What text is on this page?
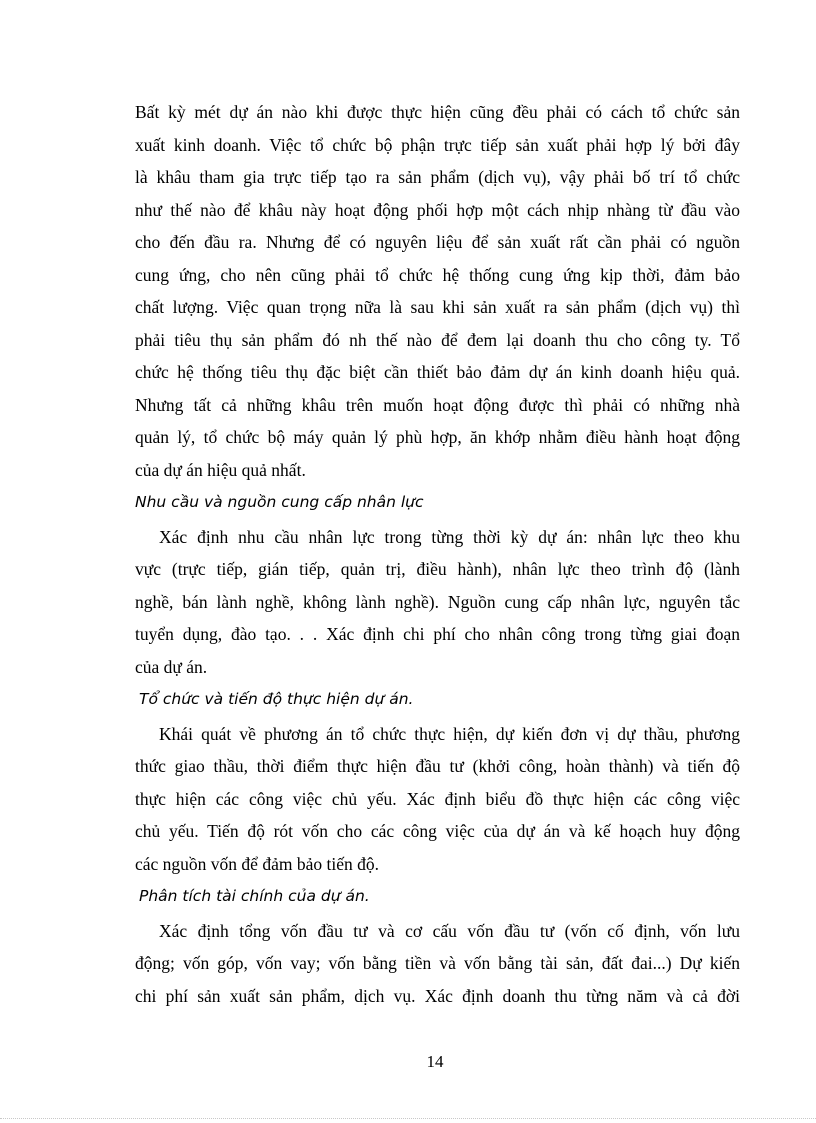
Bất kỳ mét dự án nào khi được thực hiện cũng đều phải có cách tổ chức sản
xuất kinh doanh. Việc tổ chức bộ phận trực tiếp sản xuất phải hợp lý bởi đây
là khâu tham gia trực tiếp tạo ra sản phẩm (dịch vụ), vậy phải bố trí tổ chức
như thế nào để khâu này hoạt động phối hợp một cách nhịp nhàng từ đầu vào
cho đến đầu ra. Nhưng để có nguyên liệu để sản xuất rất cần phải có nguồn
cung ứng, cho nên cũng phải tổ chức hệ thống cung ứng kịp thời, đảm bảo
chất lượng. Việc quan trọng nữa là sau khi sản xuất ra sản phẩm (dịch vụ) thì
phải tiêu thụ sản phẩm đó nh thế nào để đem lại doanh thu cho công ty. Tổ
chức hệ thống tiêu thụ đặc biệt cần thiết bảo đảm dự án kinh doanh hiệu quả.
Nhưng tất cả những khâu trên muốn hoạt động được thì phải có những nhà
quản lý, tổ chức bộ máy quản lý phù hợp, ăn khớp nhằm điều hành hoạt động
của dự án hiệu quả nhất.
Nhu cầu và nguồn cung cấp nhân lực
Xác định nhu cầu nhân lực trong từng thời kỳ dự án: nhân lực theo khu
vực (trực tiếp, gián tiếp, quản trị, điều hành), nhân lực theo trình độ (lành
nghề, bán lành nghề, không lành nghề). Nguồn cung cấp nhân lực, nguyên tắc
tuyển dụng, đào tạo. . . Xác định chi phí cho nhân công trong từng giai đoạn
của dự án.
Tổ chức và tiến độ thực hiện dự án.
Khái quát về phương án tổ chức thực hiện, dự kiến đơn vị dự thầu, phương
thức giao thầu, thời điểm thực hiện đầu tư (khởi công, hoàn thành) và tiến độ
thực hiện các công việc chủ yếu. Xác định biểu đồ thực hiện các công việc
chủ yếu. Tiến độ rót vốn cho các công việc của dự án và kế hoạch huy động
các nguồn vốn để đảm bảo tiến độ.
Phân tích tài chính của dự án.
Xác định tổng vốn đầu tư và cơ cấu vốn đầu tư (vốn cố định, vốn lưu
động; vốn góp, vốn vay; vốn bằng tiền và vốn bằng tài sản, đất đai...) Dự kiến
chi phí sản xuất sản phẩm, dịch vụ. Xác định doanh thu từng năm và cả đời
14
